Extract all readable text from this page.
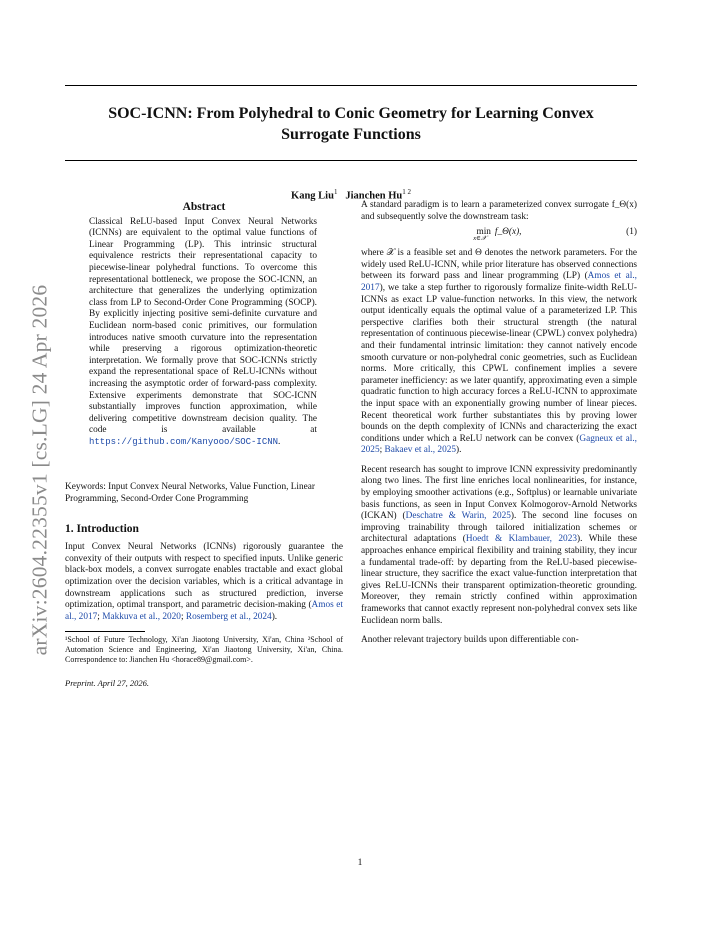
arXiv:2604.22355v1 [cs.LG] 24 Apr 2026
SOC-ICNN: From Polyhedral to Conic Geometry for Learning Convex
Surrogate Functions
Kang Liu$^1$ Jianchen $Hu^{1 2}$
Abstract
Classical ReLU-based Input Convex Neural Networks (ICNNs) are equivalent to the optimal value functions of Linear Programming (LP). This intrinsic structural equivalence restricts their representational capacity to piecewise-linear polyhedral functions. To overcome this representational bottleneck, we propose the SOC-ICNN, an architecture that generalizes the underlying optimization class from LP to Second-Order Cone Programming (SOCP). By explicitly injecting positive semi-definite curvature and Euclidean norm-based conic primitives, our formulation introduces native smooth curvature into the representation while preserving a rigorous optimization-theoretic interpretation. We formally prove that SOC-ICNNs strictly expand the representational space of ReLU-ICNNs without increasing the asymptotic order of forward-pass complexity. Extensive experiments demonstrate that SOC-ICNN substantially improves function approximation, while delivering competitive downstream decision quality. The code is available at https://github.com/Kanyooo/SOC-ICNN.
Keywords: Input Convex Neural Networks, Value Function, Linear Programming, Second-Order Cone Programming
1. Introduction
Input Convex Neural Networks (ICNNs) rigorously guarantee the convexity of their outputs with respect to specified inputs. Unlike generic black-box models, a convex surrogate enables tractable and exact global optimization over the decision variables, which is a critical advantage in downstream applications such as structured prediction, inverse optimization, optimal transport, and parametric decision-making (Amos et al., 2017; Makkuva et al., 2020; Rosemberg et al., 2024).
¹School of Future Technology, Xi'an Jiaotong University, Xi'an, China ²School of Automation Science and Engineering, Xi'an Jiaotong University, Xi'an, China. Correspondence to: Jianchen Hu <horace89@gmail.com>.
Preprint. April 27, 2026.
A standard paradigm is to learn a parameterized convex surrogate f_Θ(x) and subsequently solve the downstream task:
min x∈𝒳 f_Θ(x),	(1)
where 𝒳 is a feasible set and Θ denotes the network parameters. For the widely used ReLU-ICNN, while prior literature has observed connections between its forward pass and linear programming (LP) (Amos et al., 2017), we take a step further to rigorously formalize finite-width ReLU-ICNNs as exact LP value-function networks. In this view, the network output identically equals the optimal value of a parameterized LP. This perspective clarifies both their structural strength (the natural representation of continuous piecewise-linear (CPWL) convex polyhedra) and their fundamental intrinsic limitation: they cannot natively encode smooth curvature or non-polyhedral conic geometries, such as Euclidean norms. More critically, this CPWL confinement implies a severe parameter inefficiency: as we later quantify, approximating even a simple quadratic function to high accuracy forces a ReLU-ICNN to approximate the input space with an exponentially growing number of linear pieces. Recent theoretical work further substantiates this by proving lower bounds on the depth complexity of ICNNs and characterizing the exact conditions under which a ReLU network can be convex (Gagneux et al., 2025; Bakaev et al., 2025).
Recent research has sought to improve ICNN expressivity predominantly along two lines. The first line enriches local nonlinearities, for instance, by employing smoother activations (e.g., Softplus) or learnable univariate basis functions, as seen in Input Convex Kolmogorov-Arnold Networks (ICKAN) (Deschatre & Warin, 2025). The second line focuses on improving trainability through tailored initialization schemes or architectural adaptations (Hoedt & Klambauer, 2023). While these approaches enhance empirical flexibility and training stability, they incur a fundamental trade-off: by departing from the ReLU-based piecewise-linear structure, they sacrifice the exact value-function interpretation that gives ReLU-ICNNs their transparent optimization-theoretic grounding. Moreover, they remain strictly confined within approximation frameworks that cannot exactly represent non-polyhedral convex sets like Euclidean norm balls.
Another relevant trajectory builds upon differentiable con-
1
